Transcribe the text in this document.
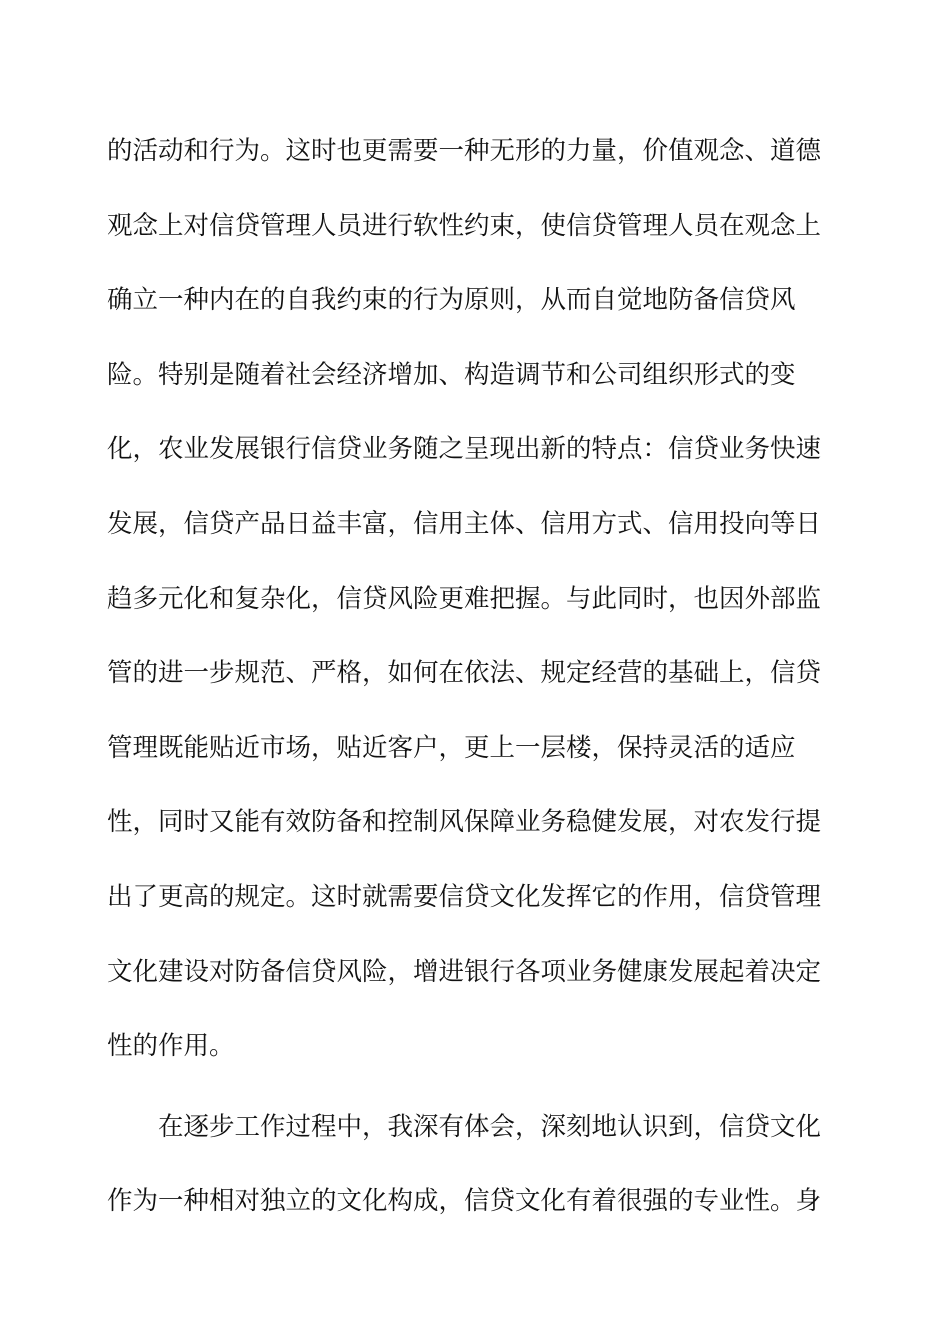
的活动和行为。这时也更需要一种无形的力量，价值观念、道德
观念上对信贷管理人员进行软性约束，使信贷管理人员在观念上
确立一种内在的自我约束的行为原则，从而自觉地防备信贷风
险。特别是随着社会经济增加、构造调节和公司组织形式的变
化，农业发展银行信贷业务随之呈现出新的特点：信贷业务快速
发展，信贷产品日益丰富，信用主体、信用方式、信用投向等日
趋多元化和复杂化，信贷风险更难把握。与此同时，也因外部监
管的进一步规范、严格，如何在依法、规定经营的基础上，信贷
管理既能贴近市场，贴近客户，更上一层楼，保持灵活的适应
性，同时又能有效防备和控制风保障业务稳健发展，对农发行提
出了更高的规定。这时就需要信贷文化发挥它的作用，信贷管理
文化建设对防备信贷风险，增进银行各项业务健康发展起着决定
性的作用。
在逐步工作过程中，我深有体会，深刻地认识到，信贷文化
作为一种相对独立的文化构成，信贷文化有着很强的专业性。身
